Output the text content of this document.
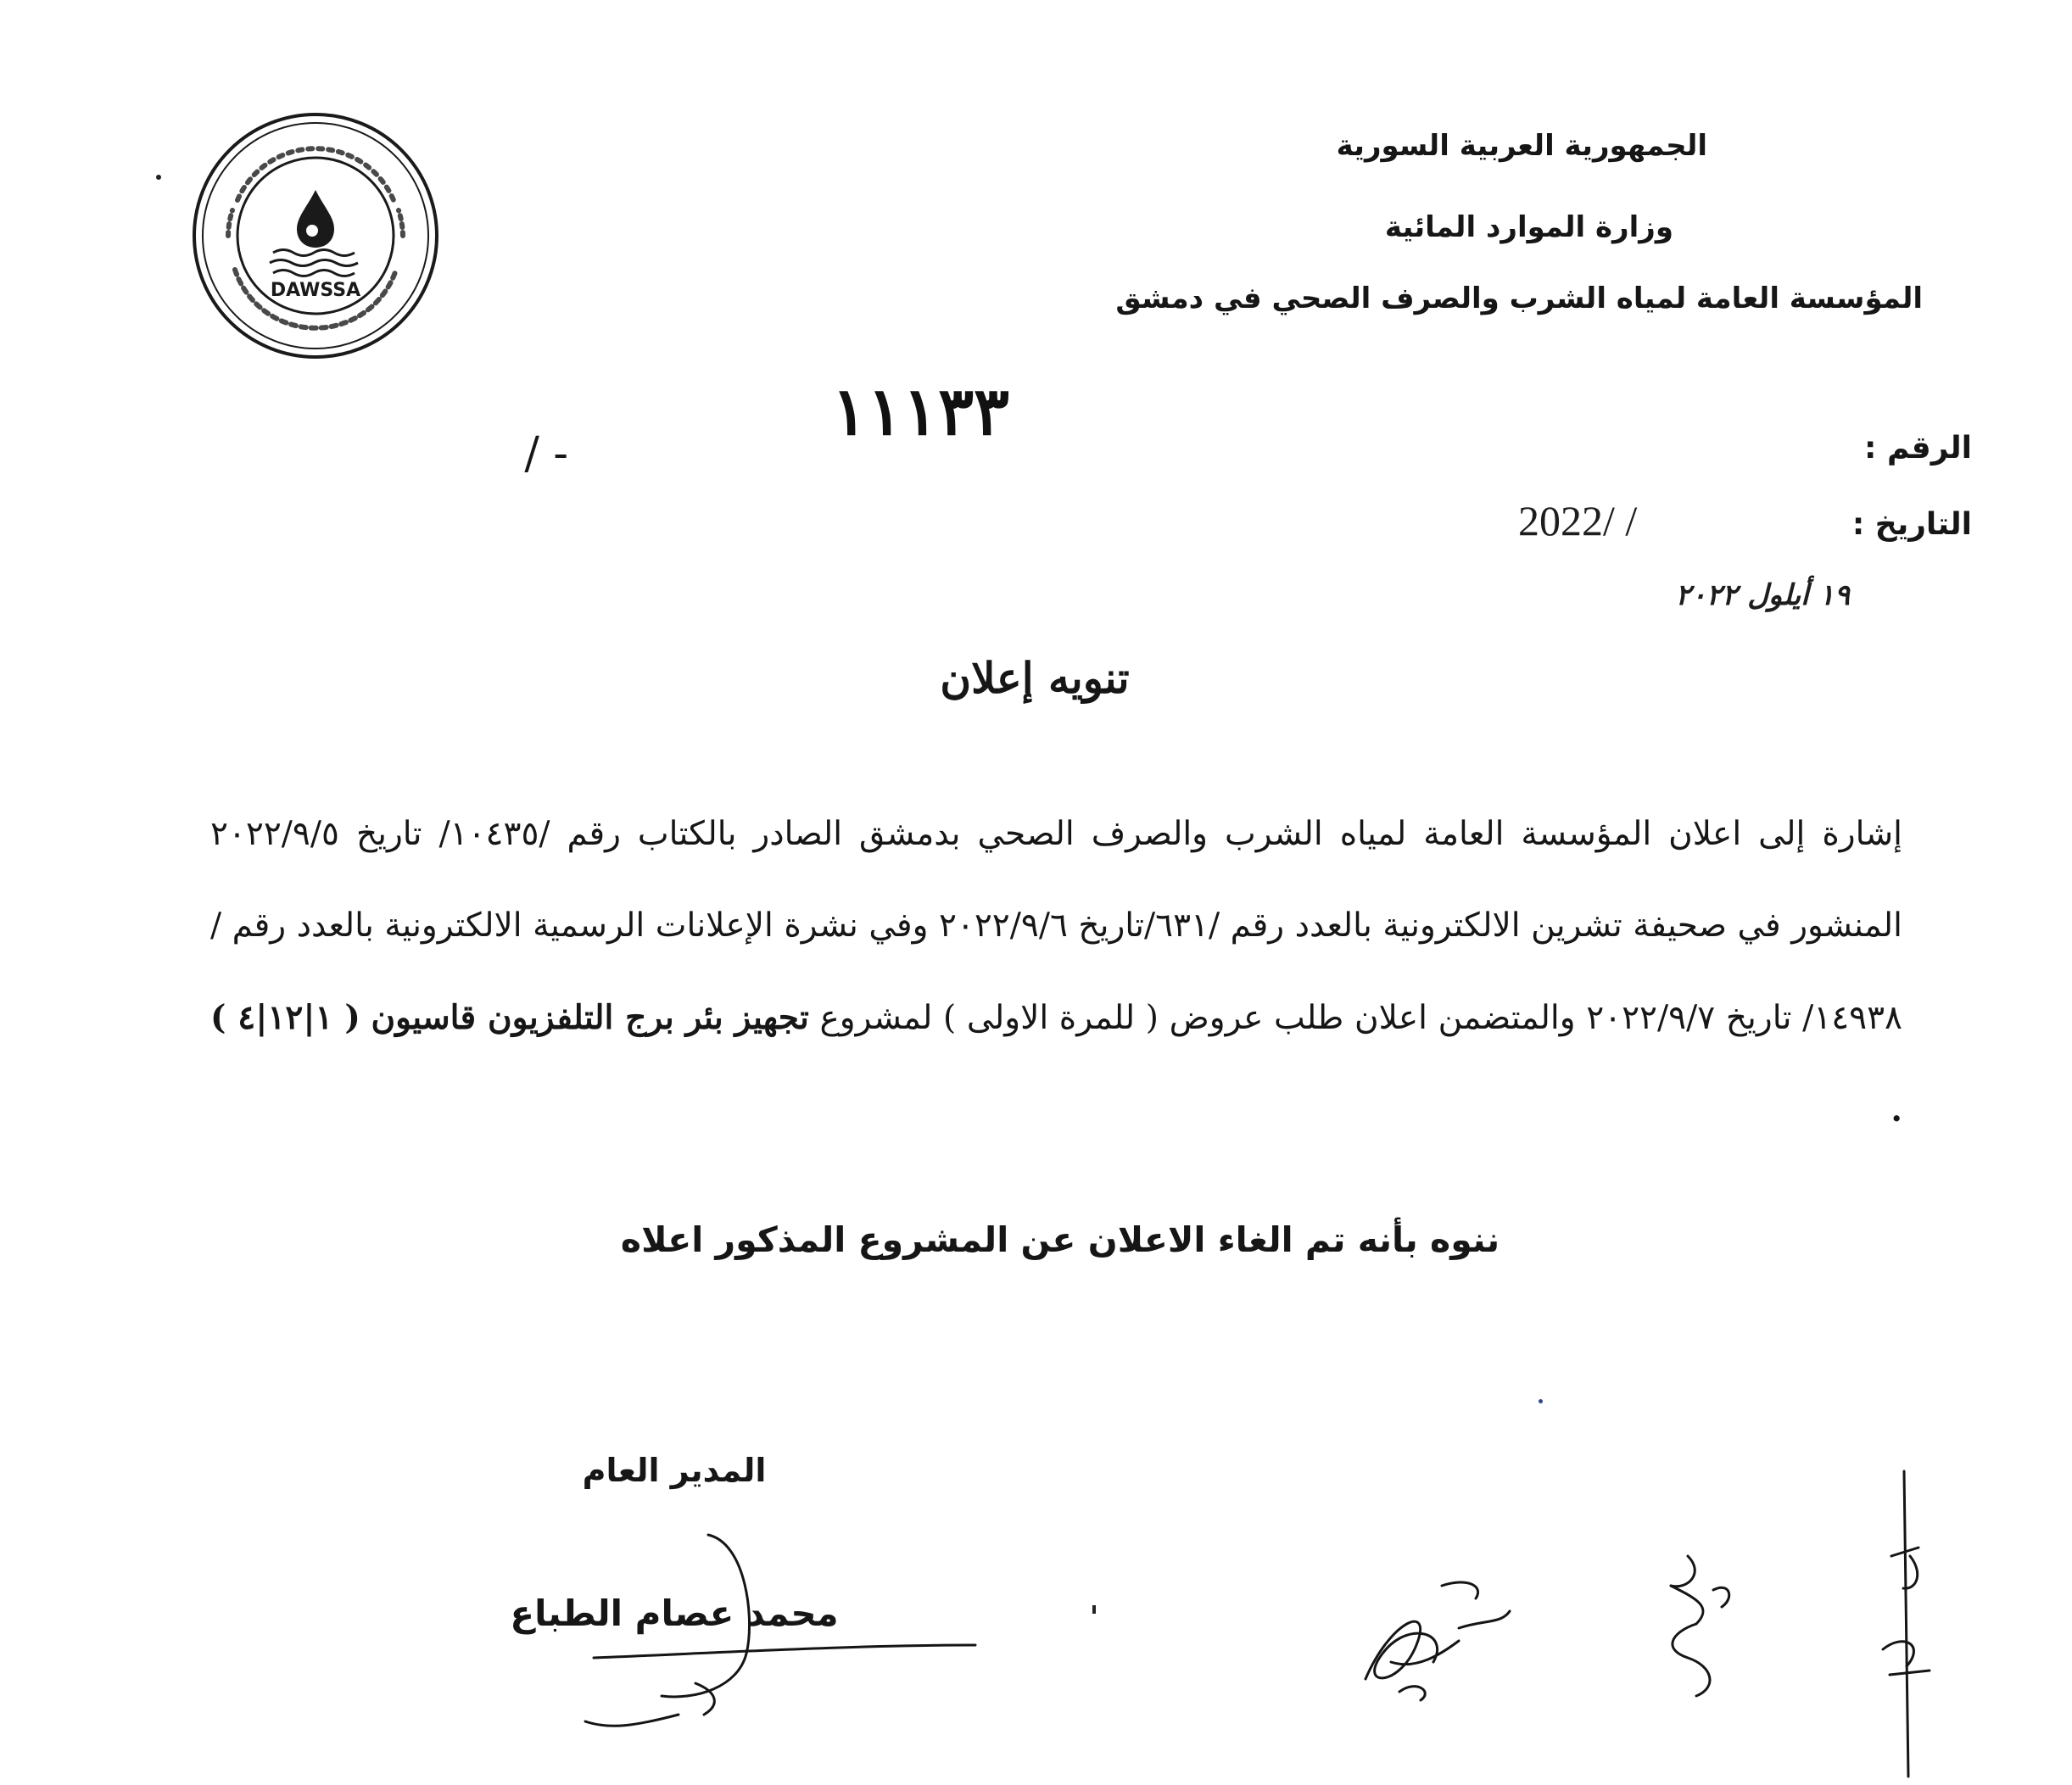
الجمهورية العربية السورية
وزارة الموارد المائية
المؤسسة العامة لمياه الشرب والصرف الصحي في دمشق
DAWSSA
الرقم :
١١١٣٣
/ -
التاريخ :
2022/ /
١٩ أيلول ٢٠٢٢
تنويه إعلان
إشارة إلى اعلان المؤسسة العامة لمياه الشرب والصرف الصحي بدمشق الصادر بالكتاب رقم /١٠٤٣٥/ تاريخ ٢٠٢٢/٩/٥ المنشور في صحيفة تشرين الالكترونية بالعدد رقم /٦٣١/تاريخ ٢٠٢٢/٩/٦ وفي نشرة الإعلانات الرسمية الالكترونية بالعدد رقم /١٤٩٣٨/ تاريخ ٢٠٢٢/٩/٧ والمتضمن اعلان طلب عروض ( للمرة الاولى ) لمشروع تجهيز بئر برج التلفزيون قاسيون ( ١|١٢|٤ ) .
ننوه بأنه تم الغاء الاعلان عن المشروع المذكور اعلاه
المدير العام
محمد عصام الطباع
